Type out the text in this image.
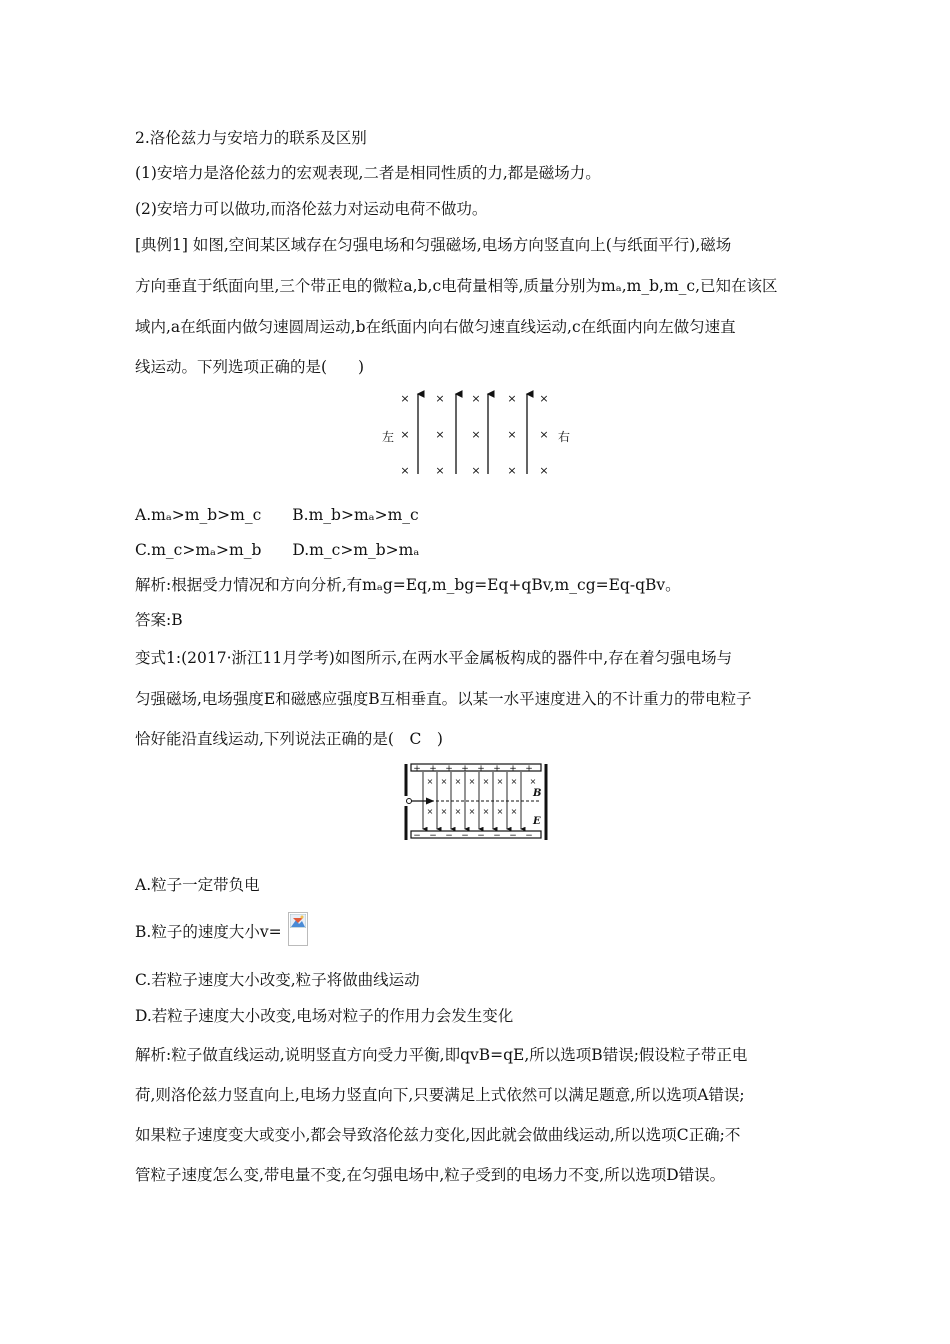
2.洛伦兹力与安培力的联系及区别
(1)安培力是洛伦兹力的宏观表现,二者是相同性质的力,都是磁场力。
(2)安培力可以做功,而洛伦兹力对运动电荷不做功。
[典例1] 如图,空间某区域存在匀强电场和匀强磁场,电场方向竖直向上(与纸面平行),磁场
方向垂直于纸面向里,三个带正电的微粒a,b,c电荷量相等,质量分别为mₐ,m_b,m_c,已知在该区
域内,a在纸面内做匀速圆周运动,b在纸面内向右做匀速直线运动,c在纸面内向左做匀速直
线运动。下列选项正确的是(　　)
× × × × ×
× × × × ×
× × × × ×
左	右
A.mₐ>m_b>m_c　　B.m_b>mₐ>m_c
C.m_c>mₐ>m_b　　D.m_c>m_b>mₐ
解析:根据受力情况和方向分析,有mₐg=Eq,m_bg=Eq+qBv,m_cg=Eq-qBv。
答案:B
变式1:(2017·浙江11月学考)如图所示,在两水平金属板构成的器件中,存在着匀强电场与
匀强磁场,电场强度E和磁感应强度B互相垂直。以某一水平速度进入的不计重力的带电粒子
恰好能沿直线运动,下列说法正确的是(　C　)
+ + + + + + + +
− − − − − − − −
× × × × × × × ×
× × × × × × ×
B
E
A.粒子一定带负电
B.粒子的速度大小v=
C.若粒子速度大小改变,粒子将做曲线运动
D.若粒子速度大小改变,电场对粒子的作用力会发生变化
解析:粒子做直线运动,说明竖直方向受力平衡,即qvB=qE,所以选项B错误;假设粒子带正电
荷,则洛伦兹力竖直向上,电场力竖直向下,只要满足上式依然可以满足题意,所以选项A错误;
如果粒子速度变大或变小,都会导致洛伦兹力变化,因此就会做曲线运动,所以选项C正确;不
管粒子速度怎么变,带电量不变,在匀强电场中,粒子受到的电场力不变,所以选项D错误。
